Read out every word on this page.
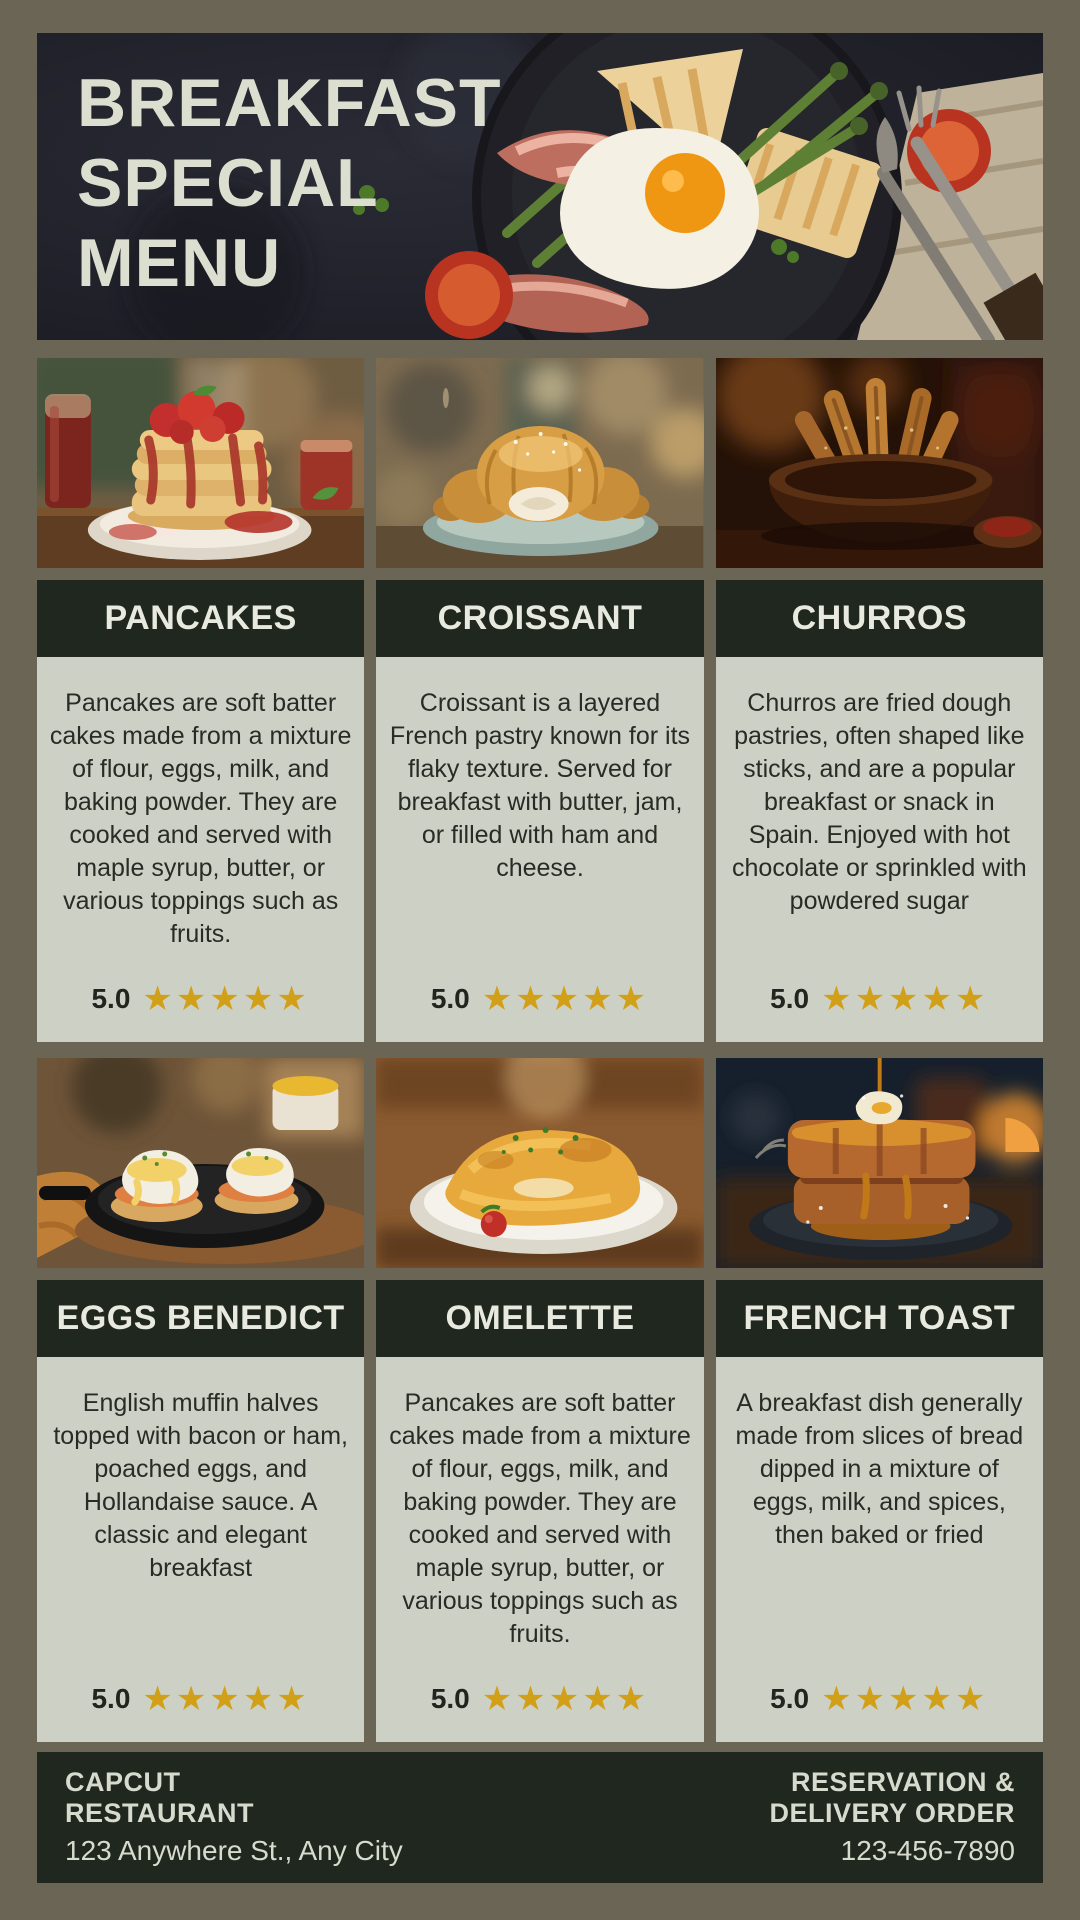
BREAKFAST
SPECIAL
MENU
PANCAKES
Pancakes are soft batter cakes made from a mixture of flour, eggs, milk, and baking powder. They are cooked and served with maple syrup, butter, or various toppings such as fruits.
5.0 ★★★★★
CROISSANT
Croissant is a layered French pastry known for its flaky texture. Served for breakfast with butter, jam, or filled with ham and cheese.
5.0 ★★★★★
CHURROS
Churros are fried dough pastries, often shaped like sticks, and are a popular breakfast or snack in Spain. Enjoyed with hot chocolate or sprinkled with powdered sugar
5.0 ★★★★★
EGGS BENEDICT
English muffin halves topped with bacon or ham, poached eggs, and Hollandaise sauce. A classic and elegant breakfast
5.0 ★★★★★
OMELETTE
Pancakes are soft batter cakes made from a mixture of flour, eggs, milk, and baking powder. They are cooked and served with maple syrup, butter, or various toppings such as fruits.
5.0 ★★★★★
FRENCH TOAST
A breakfast dish generally made from slices of bread dipped in a mixture of eggs, milk, and spices, then baked or fried
5.0 ★★★★★
CAPCUT
RESTAURANT
123 Anywhere St., Any City
RESERVATION &
DELIVERY ORDER
123-456-7890
